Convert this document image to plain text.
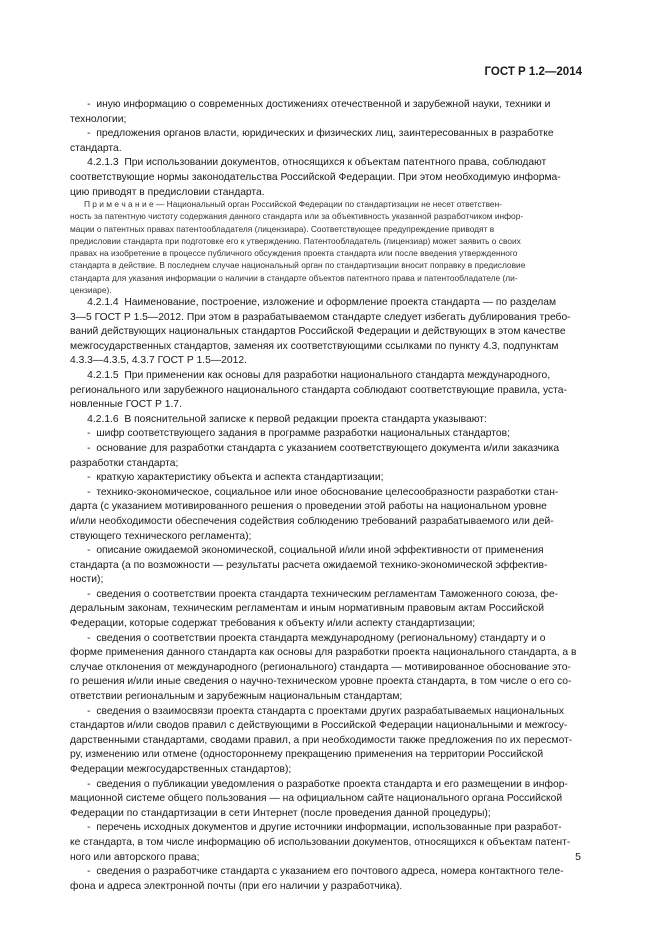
ГОСТ Р 1.2—2014
-  иную информацию о современных достижениях отечественной и зарубежной науки, техники и
технологии;
-  предложения органов власти, юридических и физических лиц, заинтересованных в разработке
стандарта.
4.2.1.3  При использовании документов, относящихся к объектам патентного права, соблюдают
соответствующие нормы законодательства Российской Федерации. При этом необходимую информа-
цию приводят в предисловии стандарта.
П р и м е ч а н и е — Национальный орган Российской Федерации по стандартизации не несет ответствен-
ность за патентную чистоту содержания данного стандарта или за объективность указанной разработчиком инфор-
мации о патентных правах патентообладателя (лицензиара). Соответствующее предупреждение приводят в
предисловии стандарта при подготовке его к утверждению. Патентообладатель (лицензиар) может заявить о своих
правах на изобретение в процессе публичного обсуждения проекта стандарта или после введения утвержденного
стандарта в действие. В последнем случае национальный орган по стандартизации вносит поправку в предисловие
стандарта для указания информации о наличии в стандарте объектов патентного права и патентообладателе (ли-
цензиаре).
4.2.1.4  Наименование, построение, изложение и оформление проекта стандарта — по разделам
3—5 ГОСТ Р 1.5—2012. При этом в разрабатываемом стандарте следует избегать дублирования требо-
ваний действующих национальных стандартов Российской Федерации и действующих в этом качестве
межгосударственных стандартов, заменяя их соответствующими ссылками по пункту 4.3, подпунктам
4.3.3—4.3.5, 4.3.7 ГОСТ Р 1.5—2012.
4.2.1.5  При применении как основы для разработки национального стандарта международного,
регионального или зарубежного национального стандарта соблюдают соответствующие правила, уста-
новленные ГОСТ Р 1.7.
4.2.1.6  В пояснительной записке к первой редакции проекта стандарта указывают:
-  шифр соответствующего задания в программе разработки национальных стандартов;
-  основание для разработки стандарта с указанием соответствующего документа и/или заказчика
разработки стандарта;
-  краткую характеристику объекта и аспекта стандартизации;
-  технико-экономическое, социальное или иное обоснование целесообразности разработки стан-
дарта (с указанием мотивированного решения о проведении этой работы на национальном уровне
и/или необходимости обеспечения содействия соблюдению требований разрабатываемого или дей-
ствующего технического регламента);
-  описание ожидаемой экономической, социальной и/или иной эффективности от применения
стандарта (а по возможности — результаты расчета ожидаемой технико-экономической эффектив-
ности);
-  сведения о соответствии проекта стандарта техническим регламентам Таможенного союза, фе-
деральным законам, техническим регламентам и иным нормативным правовым актам Российской
Федерации, которые содержат требования к объекту и/или аспекту стандартизации;
-  сведения о соответствии проекта стандарта международному (региональному) стандарту и о
форме применения данного стандарта как основы для разработки проекта национального стандарта, а в
случае отклонения от международного (регионального) стандарта — мотивированное обоснование это-
го решения и/или иные сведения о научно-техническом уровне проекта стандарта, в том числе о его со-
ответствии региональным и зарубежным национальным стандартам;
-  сведения о взаимосвязи проекта стандарта с проектами других разрабатываемых национальных
стандартов и/или сводов правил с действующими в Российской Федерации национальными и межгосу-
дарственными стандартами, сводами правил, а при необходимости также предложения по их пересмот-
ру, изменению или отмене (одностороннему прекращению применения на территории Российской
Федерации межгосударственных стандартов);
-  сведения о публикации уведомления о разработке проекта стандарта и его размещении в инфор-
мационной системе общего пользования — на официальном сайте национального органа Российской
Федерации по стандартизации в сети Интернет (после проведения данной процедуры);
-  перечень исходных документов и другие источники информации, использованные при разработ-
ке стандарта, в том числе информацию об использовании документов, относящихся к объектам патент-
ного или авторского права;
-  сведения о разработчике стандарта с указанием его почтового адреса, номера контактного теле-
фона и адреса электронной почты (при его наличии у разработчика).
5
